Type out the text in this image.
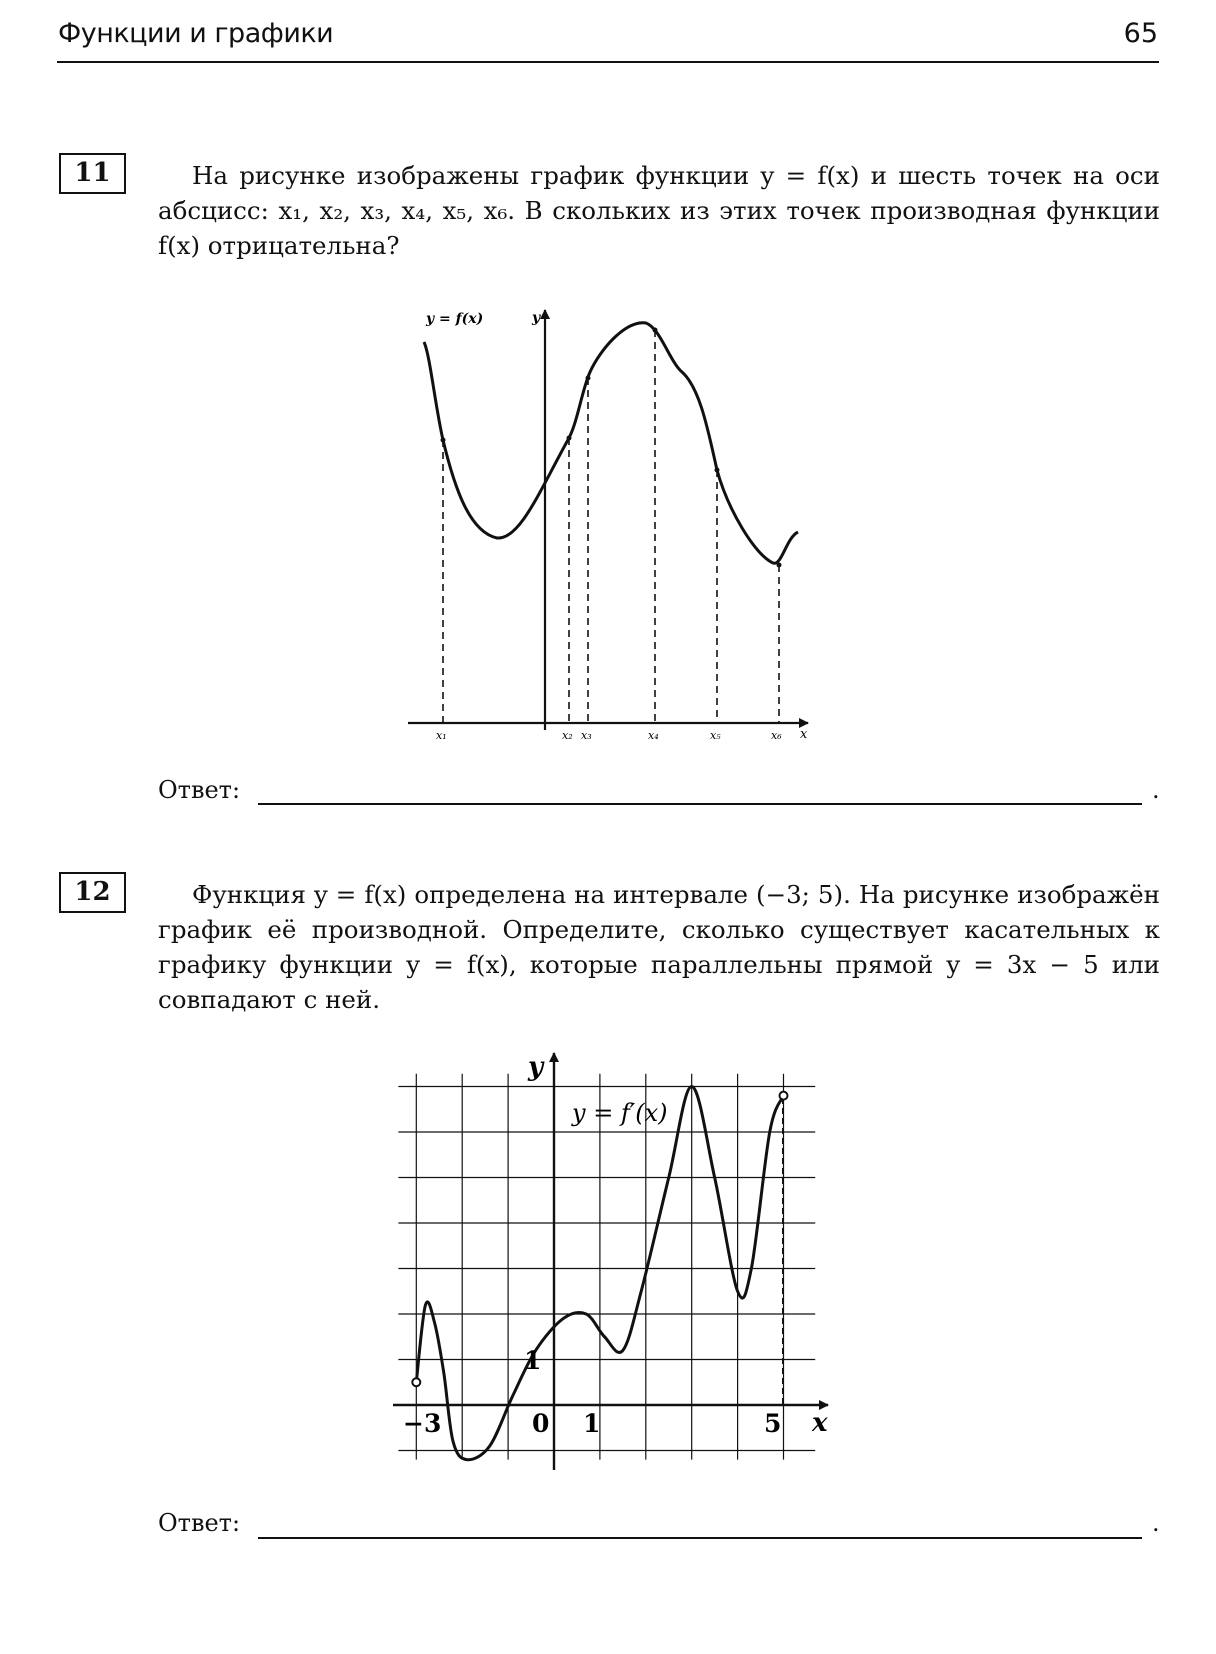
Функции и графики	65
11	На рисунке изображены график функции y = f(x) и шесть точек на оси абсцисс: x₁, x₂, x₃, x₄, x₅, x₆. В скольких из этих точек производная функции f(x) отрицательна?
y = f(x)	y
x
x₁	x₂ x₃	x₄	x₅	x₆
Ответ:	.
12	Функция y = f(x) определена на интервале (−3; 5). На рисунке изображён график её производной. Определите, сколько существует касательных к графику функции y = f(x), которые параллельны прямой y = 3x − 5 или совпадают с ней.
y = f′(x)
y
x
−3	0 1	5
1
Ответ:	.
